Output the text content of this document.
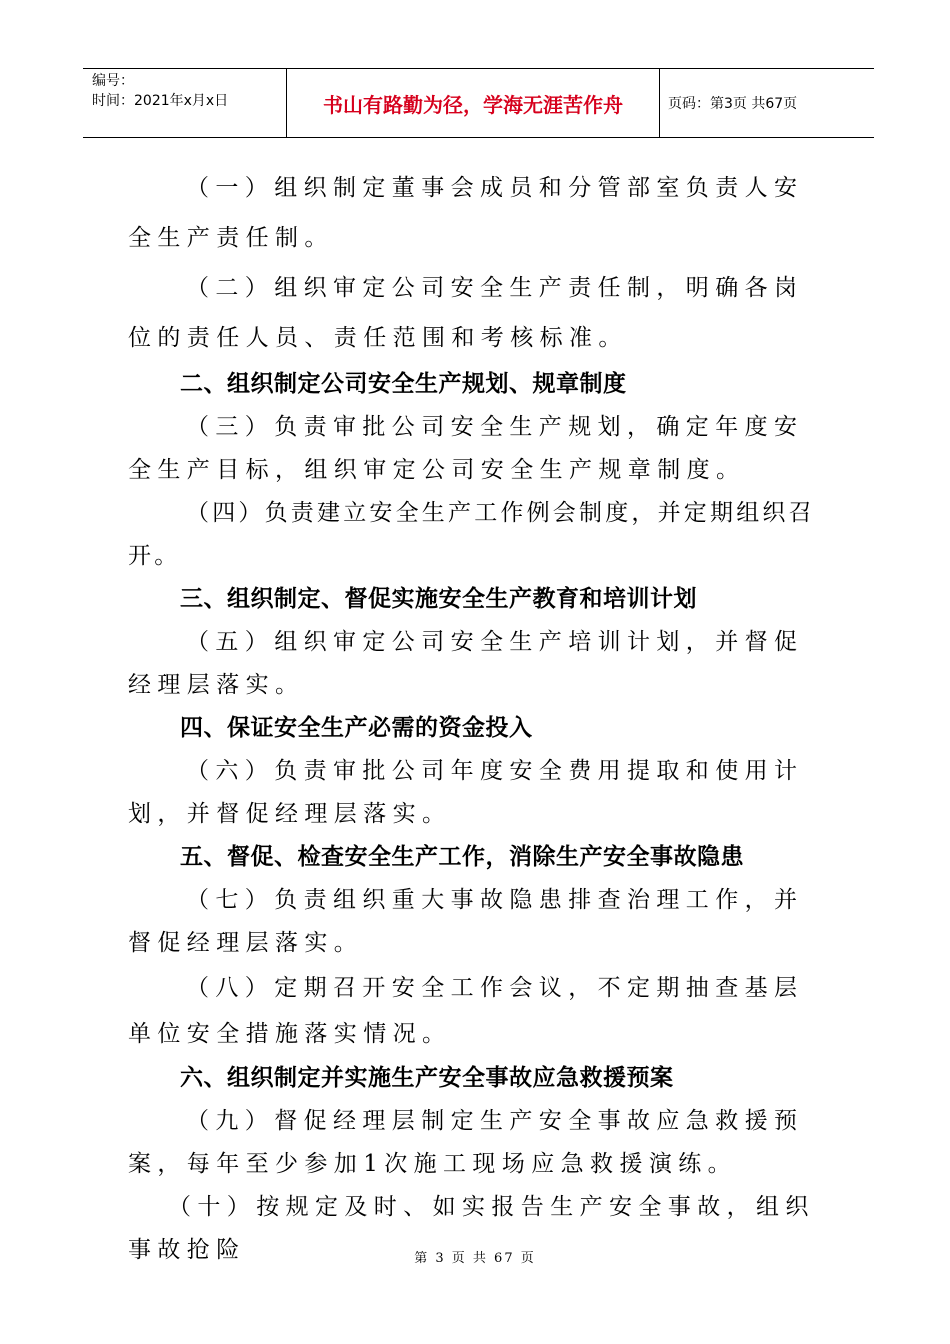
编号：
时间：2021年x月x日	书山有路勤为径，学海无涯苦作舟	页码：第3页 共67页

（一）组织制定董事会成员和分管部室负责人安全生产责任制。

（二）组织审定公司安全生产责任制，明确各岗位的责任人员、责任范围和考核标准。

二、组织制定公司安全生产规划、规章制度

（三）负责审批公司安全生产规划，确定年度安全生产目标，组织审定公司安全生产规章制度。

（四）负责建立安全生产工作例会制度，并定期组织召开。

三、组织制定、督促实施安全生产教育和培训计划

（五）组织审定公司安全生产培训计划，并督促经理层落实。

四、保证安全生产必需的资金投入

（六）负责审批公司年度安全费用提取和使用计划，并督促经理层落实。

五、督促、检查安全生产工作，消除生产安全事故隐患

（七）负责组织重大事故隐患排查治理工作，并督促经理层落实。

（八）定期召开安全工作会议，不定期抽查基层单位安全措施落实情况。

六、组织制定并实施生产安全事故应急救援预案

（九）督促经理层制定生产安全事故应急救援预案，每年至少参加1次施工现场应急救援演练。

（十）按规定及时、如实报告生产安全事故，组织事故抢险	第 3 页 共 67 页
